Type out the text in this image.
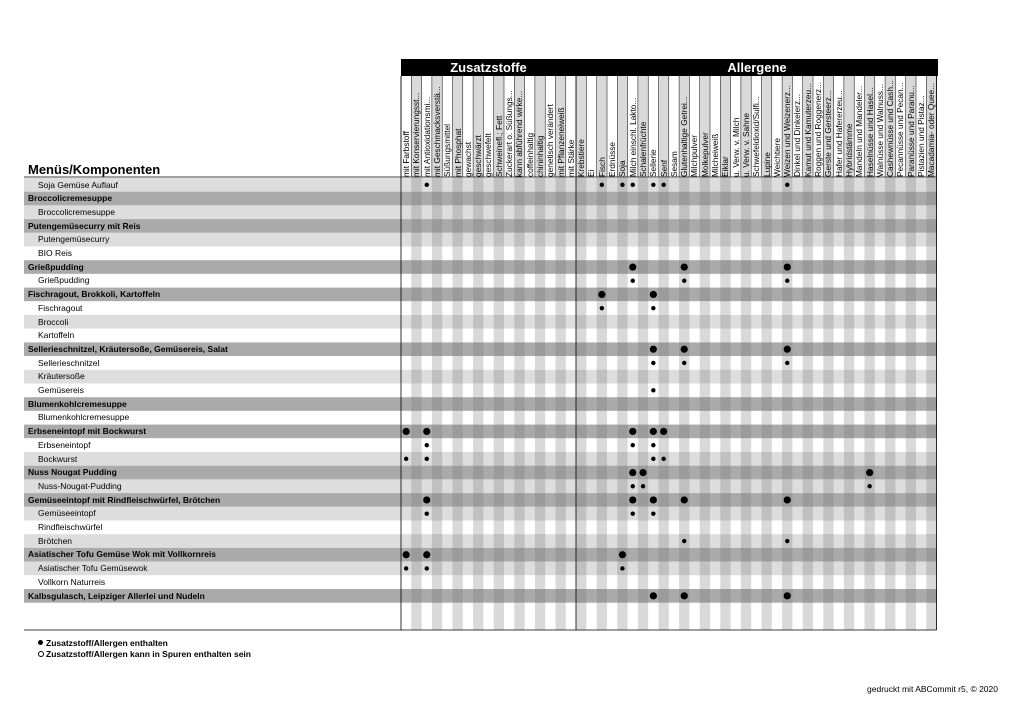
Zusatzstoffe	Allergene
mit Farbstoff mit Konservierungsst... mit Antioxidationsmi... mit Geschmacksverstä... Süßungsmittel mit Phosphat gewachst geschwärzt geschwefelt Schweinefl.; Fett Zuckerart o. Süßungs... kann abführend wirke... coffeinhaltig chininhaltig genetisch verändert mit Pflanzeneiweiß mit Stärke Krebstiere Ei Fisch Erdnüsse Soja Milch einschl. Lakto... Schalenfrüchte Sellerie Senf Sesam Glutenhaltige Getrei... Milchpulver Molkepulver Milcheiweiß Eiklar u. Verw. v. Milch u. Verw. v. Sahne Schwefeldioxid/Sulfi... Lupine Weichtiere Weizen und Weizenerz... Dinkel und Dinkelerz... Kamut und Kamuterzeu... Roggen und Roggenerz... Gerste und Gersteerz... Hafer und Hafererzeu... Hybridstämme Mandeln und Mandeler... Haselnüsse und Hasel... Walnüsse und Walnuss... Cashewnüsse und Cash... Pecannüsse und Pecan... Paranüsse und Paranu... Pistazien und Pistaz... Macadamia- oder Quee...
Menüs/Komponenten
Soja Gemüse Auflauf
Broccolicremesuppe
Broccolicremesuppe
Putengemüsecurry mit Reis
Putengemüsecurry
BIO Reis
Grießpudding
Grießpudding
Fischragout, Brokkoli, Kartoffeln
Fischragout
Broccoli
Kartoffeln
Sellerieschnitzel, Kräutersoße, Gemüsereis, Salat
Sellerieschnitzel
Kräutersoße
Gemüsereis
Blumenkohlcremesuppe
Blumenkohlcremesuppe
Erbseneintopf mit Bockwurst
Erbseneintopf
Bockwurst
Nuss Nougat Pudding
Nuss-Nougat-Pudding
Gemüseeintopf mit Rindfleischwürfel, Brötchen
Gemüseeintopf
Rindfleischwürfel
Brötchen
Asiatischer Tofu Gemüse Wok mit Vollkornreis
Asiatischer Tofu Gemüsewok
Vollkorn Naturreis
Kalbsgulasch, Leipziger Allerlei und Nudeln
Zusatzstoff/Allergen enthalten
Zusatzstoff/Allergen kann in Spuren enthalten sein
gedruckt mit ABCommit r5, © 2020
